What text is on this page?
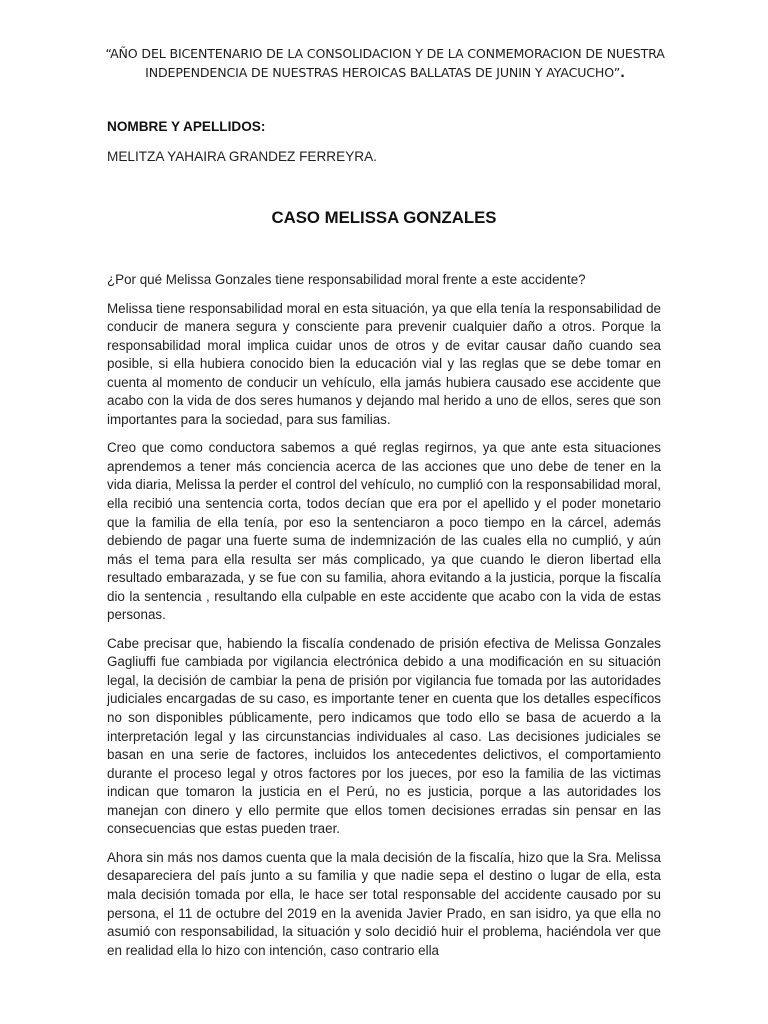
“AÑO DEL BICENTENARIO DE LA CONSOLIDACION Y DE LA CONMEMORACION DE NUESTRA
INDEPENDENCIA DE NUESTRAS HEROICAS BALLATAS DE JUNIN Y AYACUCHO”.
NOMBRE Y APELLIDOS:
MELITZA YAHAIRA GRANDEZ FERREYRA.
CASO MELISSA GONZALES

¿Por qué Melissa Gonzales tiene responsabilidad moral frente a este accidente?

Melissa tiene responsabilidad moral en esta situación, ya que ella tenía la responsabilidad de conducir de manera segura y consciente para prevenir cualquier daño a otros. Porque la responsabilidad moral implica cuidar unos de otros y de evitar causar daño cuando sea posible, si ella hubiera conocido bien la educación vial y las reglas que se debe tomar en cuenta al momento de conducir un vehículo, ella jamás hubiera causado ese accidente que acabo con la vida de dos seres humanos y dejando mal herido a uno de ellos, seres que son importantes para la sociedad, para sus familias.

Creo que como conductora sabemos a qué reglas regirnos, ya que ante esta situaciones aprendemos a tener más conciencia acerca de las acciones que uno debe de tener en la vida diaria, Melissa la perder el control del vehículo, no cumplió con la responsabilidad moral, ella recibió una sentencia corta, todos decían que era por el apellido y el poder monetario que la familia de ella tenía, por eso la sentenciaron a poco tiempo en la cárcel, además debiendo de pagar una fuerte suma de indemnización de las cuales ella no cumplió, y aún más el tema para ella resulta ser más complicado, ya que cuando le dieron libertad ella resultado embarazada, y se fue con su familia, ahora evitando a la justicia, porque la fiscalía dio la sentencia , resultando ella culpable en este accidente que acabo con la vida de estas personas.

Cabe precisar que, habiendo la fiscalía condenado de prisión efectiva de Melissa Gonzales Gagliuffi fue cambiada por vigilancia electrónica debido a una modificación en su situación legal, la decisión de cambiar la pena de prisión por vigilancia fue tomada por las autoridades judiciales encargadas de su caso, es importante tener en cuenta que los detalles específicos no son disponibles públicamente, pero indicamos que todo ello se basa de acuerdo a la interpretación legal y las circunstancias individuales al caso. Las decisiones judiciales se basan en una serie de factores, incluidos los antecedentes delictivos, el comportamiento durante el proceso legal y otros factores por los jueces, por eso la familia de las victimas indican que tomaron la justicia en el Perú, no es justicia, porque a las autoridades los manejan con dinero y ello permite que ellos tomen decisiones erradas sin pensar en las consecuencias que estas pueden traer.

Ahora sin más nos damos cuenta que la mala decisión de la fiscalía, hizo que la Sra. Melissa desapareciera del país junto a su familia y que nadie sepa el destino o lugar de ella, esta mala decisión tomada por ella, le hace ser total responsable del accidente causado por su persona, el 11 de octubre del 2019 en la avenida Javier Prado, en san isidro, ya que ella no asumió con responsabilidad, la situación y solo decidió huir el problema, haciéndola ver que en realidad ella lo hizo con intención, caso contrario ella
